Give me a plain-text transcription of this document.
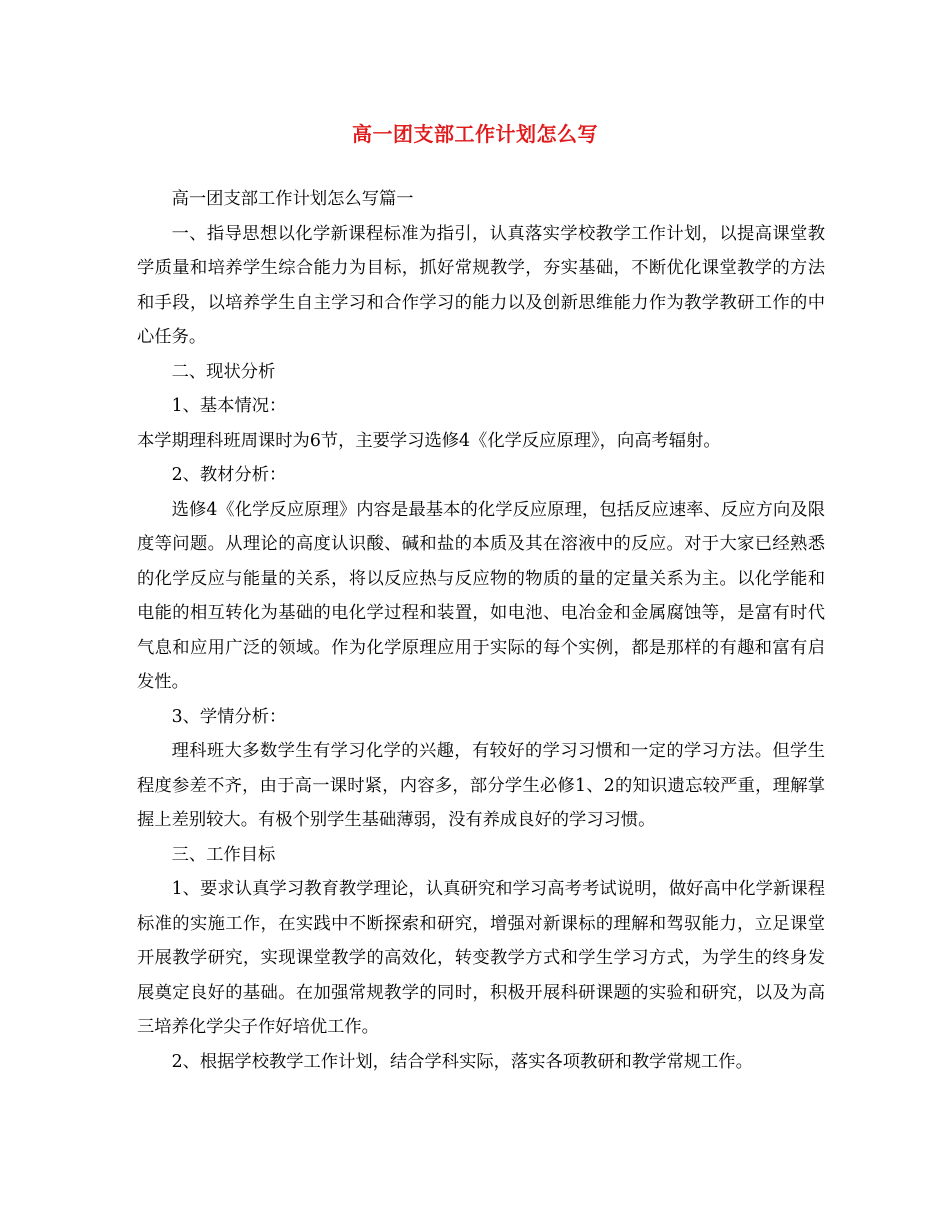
高一团支部工作计划怎么写

高一团支部工作计划怎么写篇一

一、指导思想以化学新课程标准为指引，认真落实学校教学工作计划，以提高课堂教学质量和培养学生综合能力为目标，抓好常规教学，夯实基础，不断优化课堂教学的方法和手段，以培养学生自主学习和合作学习的能力以及创新思维能力作为教学教研工作的中心任务。

二、现状分析

1、基本情况：

本学期理科班周课时为6节，主要学习选修4《化学反应原理》，向高考辐射。

2、教材分析：

选修4《化学反应原理》内容是最基本的化学反应原理，包括反应速率、反应方向及限度等问题。从理论的高度认识酸、碱和盐的本质及其在溶液中的反应。对于大家已经熟悉的化学反应与能量的关系，将以反应热与反应物的物质的量的定量关系为主。以化学能和电能的相互转化为基础的电化学过程和装置，如电池、电冶金和金属腐蚀等，是富有时代气息和应用广泛的领域。作为化学原理应用于实际的每个实例，都是那样的有趣和富有启发性。

3、学情分析：

理科班大多数学生有学习化学的兴趣，有较好的学习习惯和一定的学习方法。但学生程度参差不齐，由于高一课时紧，内容多，部分学生必修1、2的知识遗忘较严重，理解掌握上差别较大。有极个别学生基础薄弱，没有养成良好的学习习惯。

三、工作目标

1、要求认真学习教育教学理论，认真研究和学习高考考试说明，做好高中化学新课程标准的实施工作，在实践中不断探索和研究，增强对新课标的理解和驾驭能力，立足课堂开展教学研究，实现课堂教学的高效化，转变教学方式和学生学习方式，为学生的终身发展奠定良好的基础。在加强常规教学的同时，积极开展科研课题的实验和研究，以及为高三培养化学尖子作好培优工作。

2、根据学校教学工作计划，结合学科实际，落实各项教研和教学常规工作。
